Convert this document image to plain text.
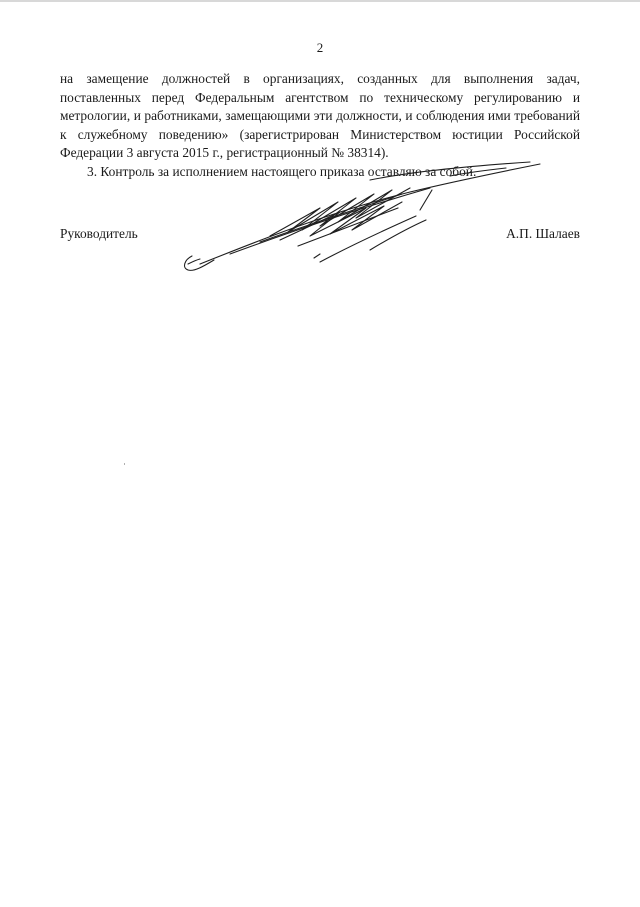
2

на замещение должностей в организациях, созданных для выполнения задач, поставленных перед Федеральным агентством по техническому регулированию и метрологии, и работниками, замещающими эти должности, и соблюдения ими требований к служебному поведению» (зарегистрирован Министерством юстиции Российской Федерации 3 августа 2015 г., регистрационный № 38314).

3. Контроль за исполнением настоящего приказа оставляю за собой.

Руководитель	А.П. Шалаев
